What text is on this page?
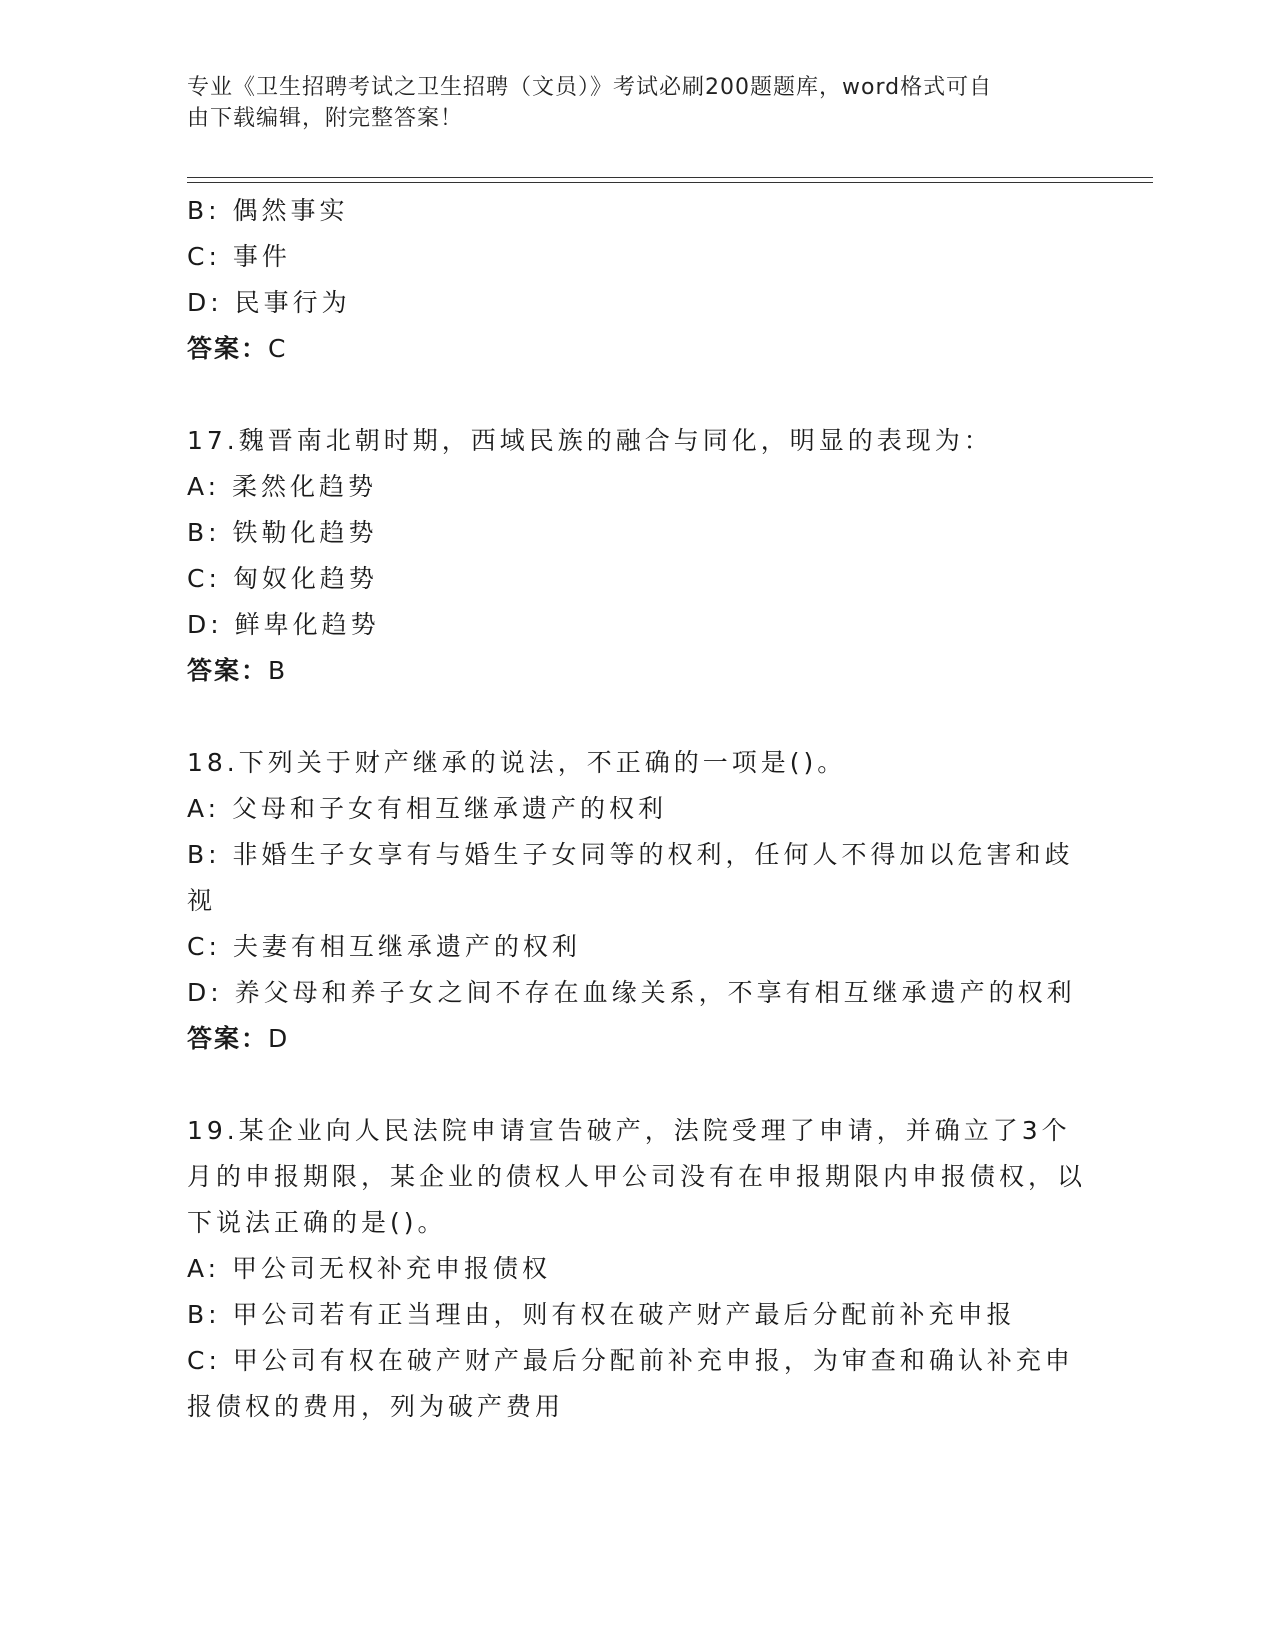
专业《卫生招聘考试之卫生招聘（文员）》考试必刷200题题库，word格式可自
由下载编辑，附完整答案！
B: 偶然事实
C: 事件
D: 民事行为
答案：C
17.魏晋南北朝时期，西域民族的融合与同化，明显的表现为：
A: 柔然化趋势
B: 铁勒化趋势
C: 匈奴化趋势
D: 鲜卑化趋势
答案：B
18.下列关于财产继承的说法，不正确的一项是()。
A: 父母和子女有相互继承遗产的权利
B: 非婚生子女享有与婚生子女同等的权利，任何人不得加以危害和歧视
C: 夫妻有相互继承遗产的权利
D: 养父母和养子女之间不存在血缘关系，不享有相互继承遗产的权利
答案：D
19.某企业向人民法院申请宣告破产，法院受理了申请，并确立了3个月的申报期限，某企业的债权人甲公司没有在申报期限内申报债权，以下说法正确的是()。
A: 甲公司无权补充申报债权
B: 甲公司若有正当理由，则有权在破产财产最后分配前补充申报
C: 甲公司有权在破产财产最后分配前补充申报，为审查和确认补充申报债权的费用，列为破产费用
